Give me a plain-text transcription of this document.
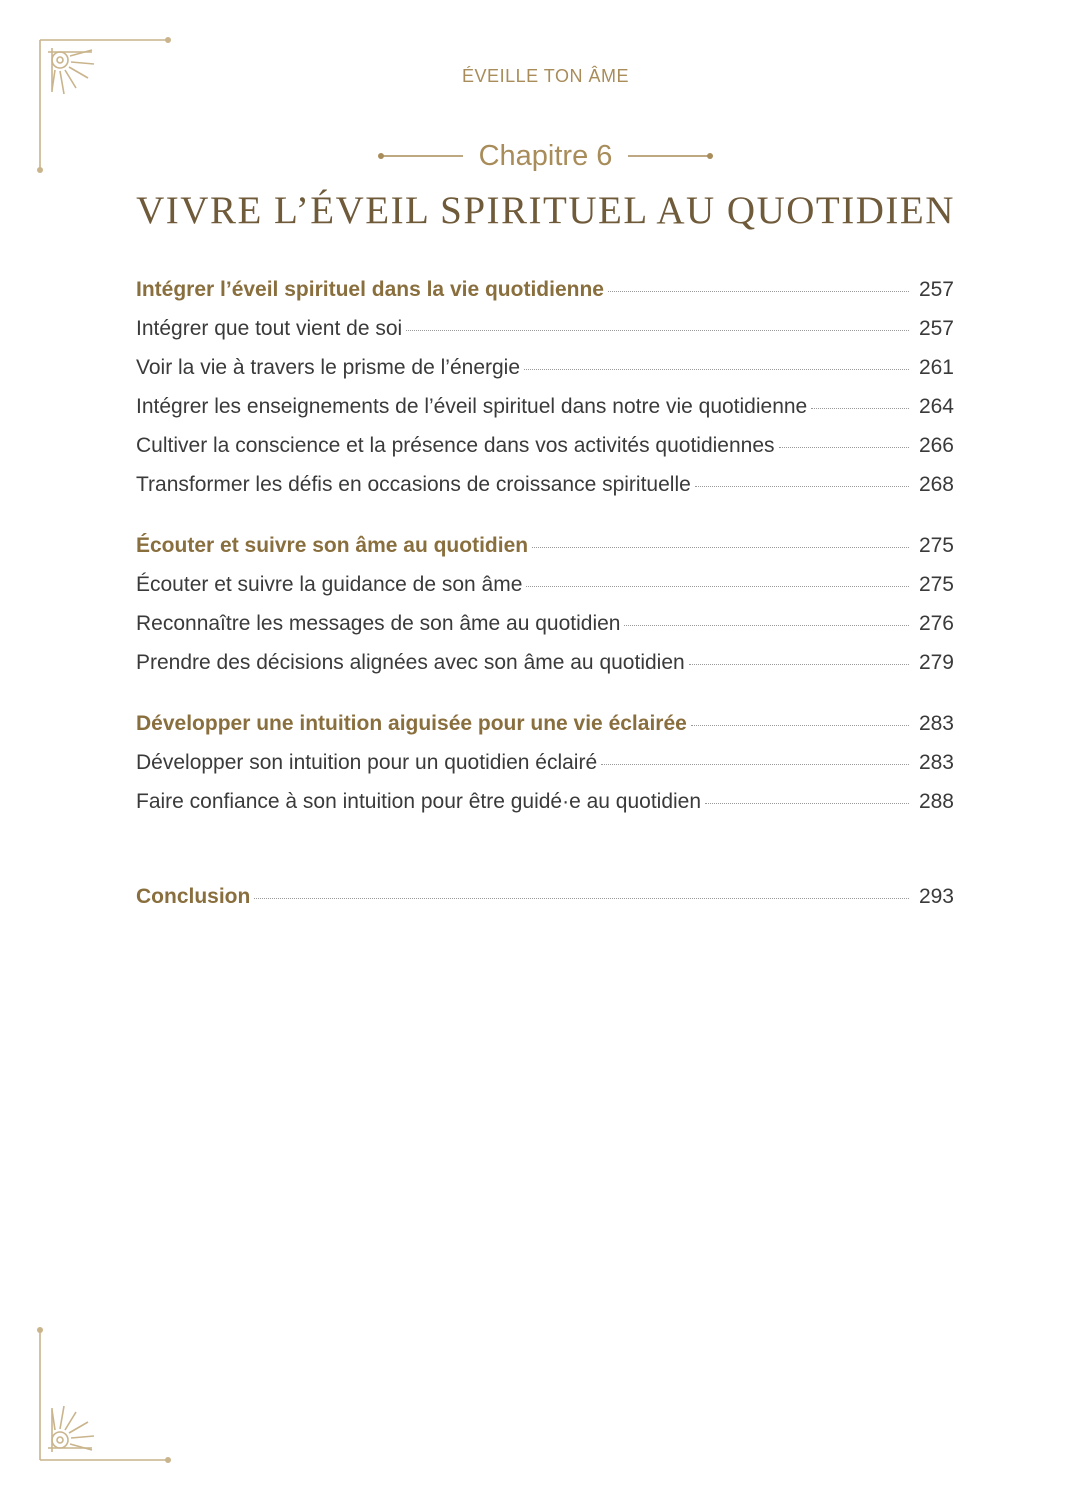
ÉVEILLE TON ÂME
Chapitre 6
VIVRE L’ÉVEIL SPIRITUEL AU QUOTIDIEN
Intégrer l’éveil spirituel dans la vie quotidienne	257
Intégrer que tout vient de soi	257
Voir la vie à travers le prisme de l’énergie	261
Intégrer les enseignements de l’éveil spirituel dans notre vie quotidienne	264
Cultiver la conscience et la présence dans vos activités quotidiennes	266
Transformer les défis en occasions de croissance spirituelle	268
Écouter et suivre son âme au quotidien	275
Écouter et suivre la guidance de son âme	275
Reconnaître les messages de son âme au quotidien	276
Prendre des décisions alignées avec son âme au quotidien	279
Développer une intuition aiguisée pour une vie éclairée	283
Développer son intuition pour un quotidien éclairé	283
Faire confiance à son intuition pour être guidé·e au quotidien	288
Conclusion	293
